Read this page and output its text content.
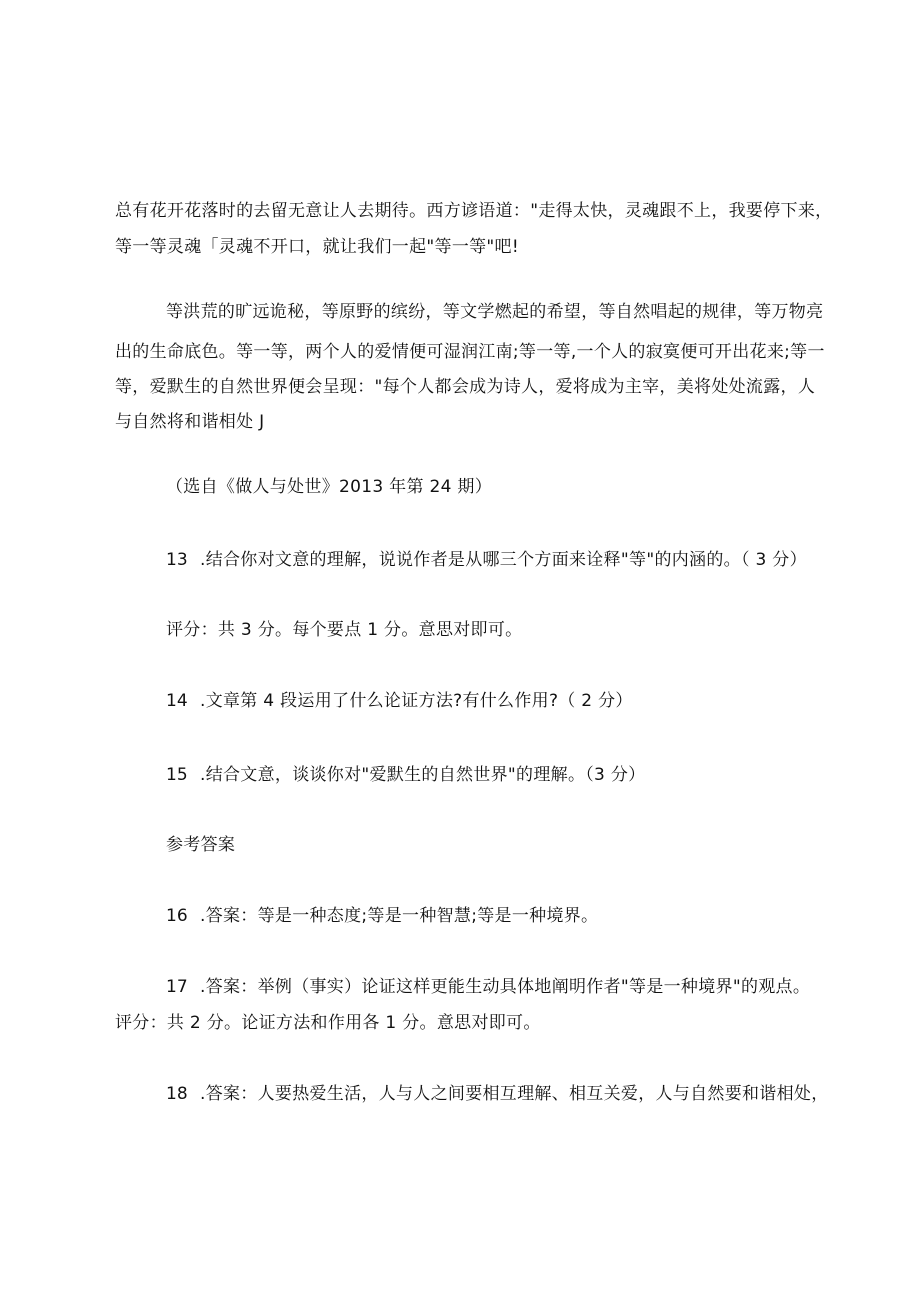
总有花开花落时的去留无意让人去期待。西方谚语道："走得太快，灵魂跟不上，我要停下来，
等一等灵魂「灵魂不开口，就让我们一起"等一等"吧!
等洪荒的旷远诡秘，等原野的缤纷，等文学燃起的希望，等自然唱起的规律，等万物亮
出的生命底色。等一等，两个人的爱情便可湿润江南;等一等,一个人的寂寞便可开出花来;等一
等，爱默生的自然世界便会呈现："每个人都会成为诗人，爱将成为主宰，美将处处流露，人
与自然将和谐相处 J
（选自《做人与处世》2013 年第 24 期）
13 .结合你对文意的理解，说说作者是从哪三个方面来诠释"等"的内涵的。（ 3 分）
评分：共 3 分。每个要点 1 分。意思对即可。
14 .文章第 4 段运用了什么论证方法?有什么作用?（ 2 分）
15 .结合文意，谈谈你对"爱默生的自然世界"的理解。（3 分）
参考答案
16 .答案：等是一种态度;等是一种智慧;等是一种境界。
17 .答案：举例（事实）论证这样更能生动具体地阐明作者"等是一种境界"的观点。
评分：共 2 分。论证方法和作用各 1 分。意思对即可。
18 .答案：人要热爱生活，人与人之间要相互理解、相互关爱，人与自然要和谐相处，
